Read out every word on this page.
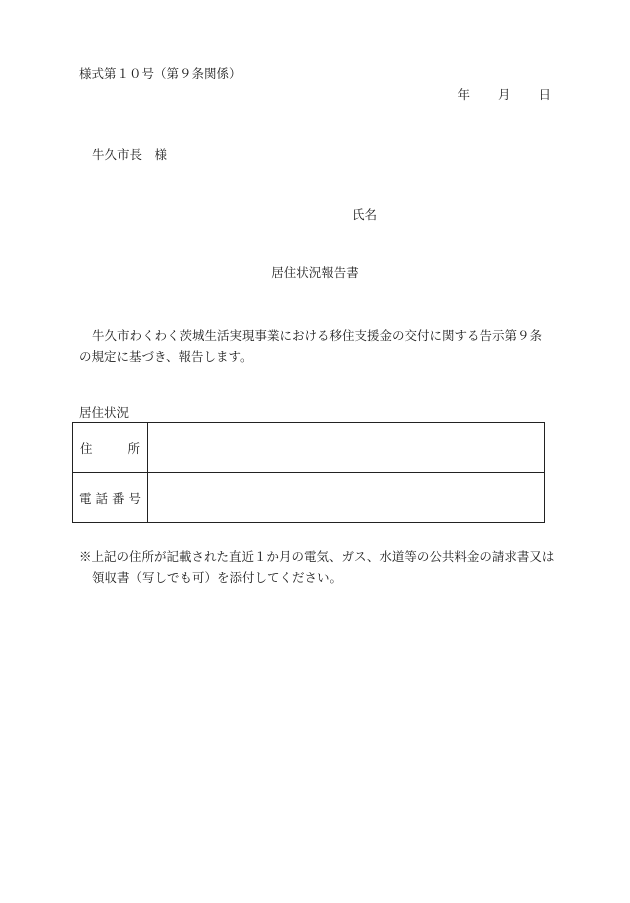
様式第１０号（第９条関係）
年 月 日
牛久市長　様
氏名
居住状況報告書
牛久市わくわく茨城生活実現事業における移住支援金の交付に関する告示第９条の規定に基づき、報告します。
居住状況
住 所	

電 話 番 号	

※上記の住所が記載された直近１か月の電気、ガス、水道等の公共料金の請求書又は
領収書（写しでも可）を添付してください。
